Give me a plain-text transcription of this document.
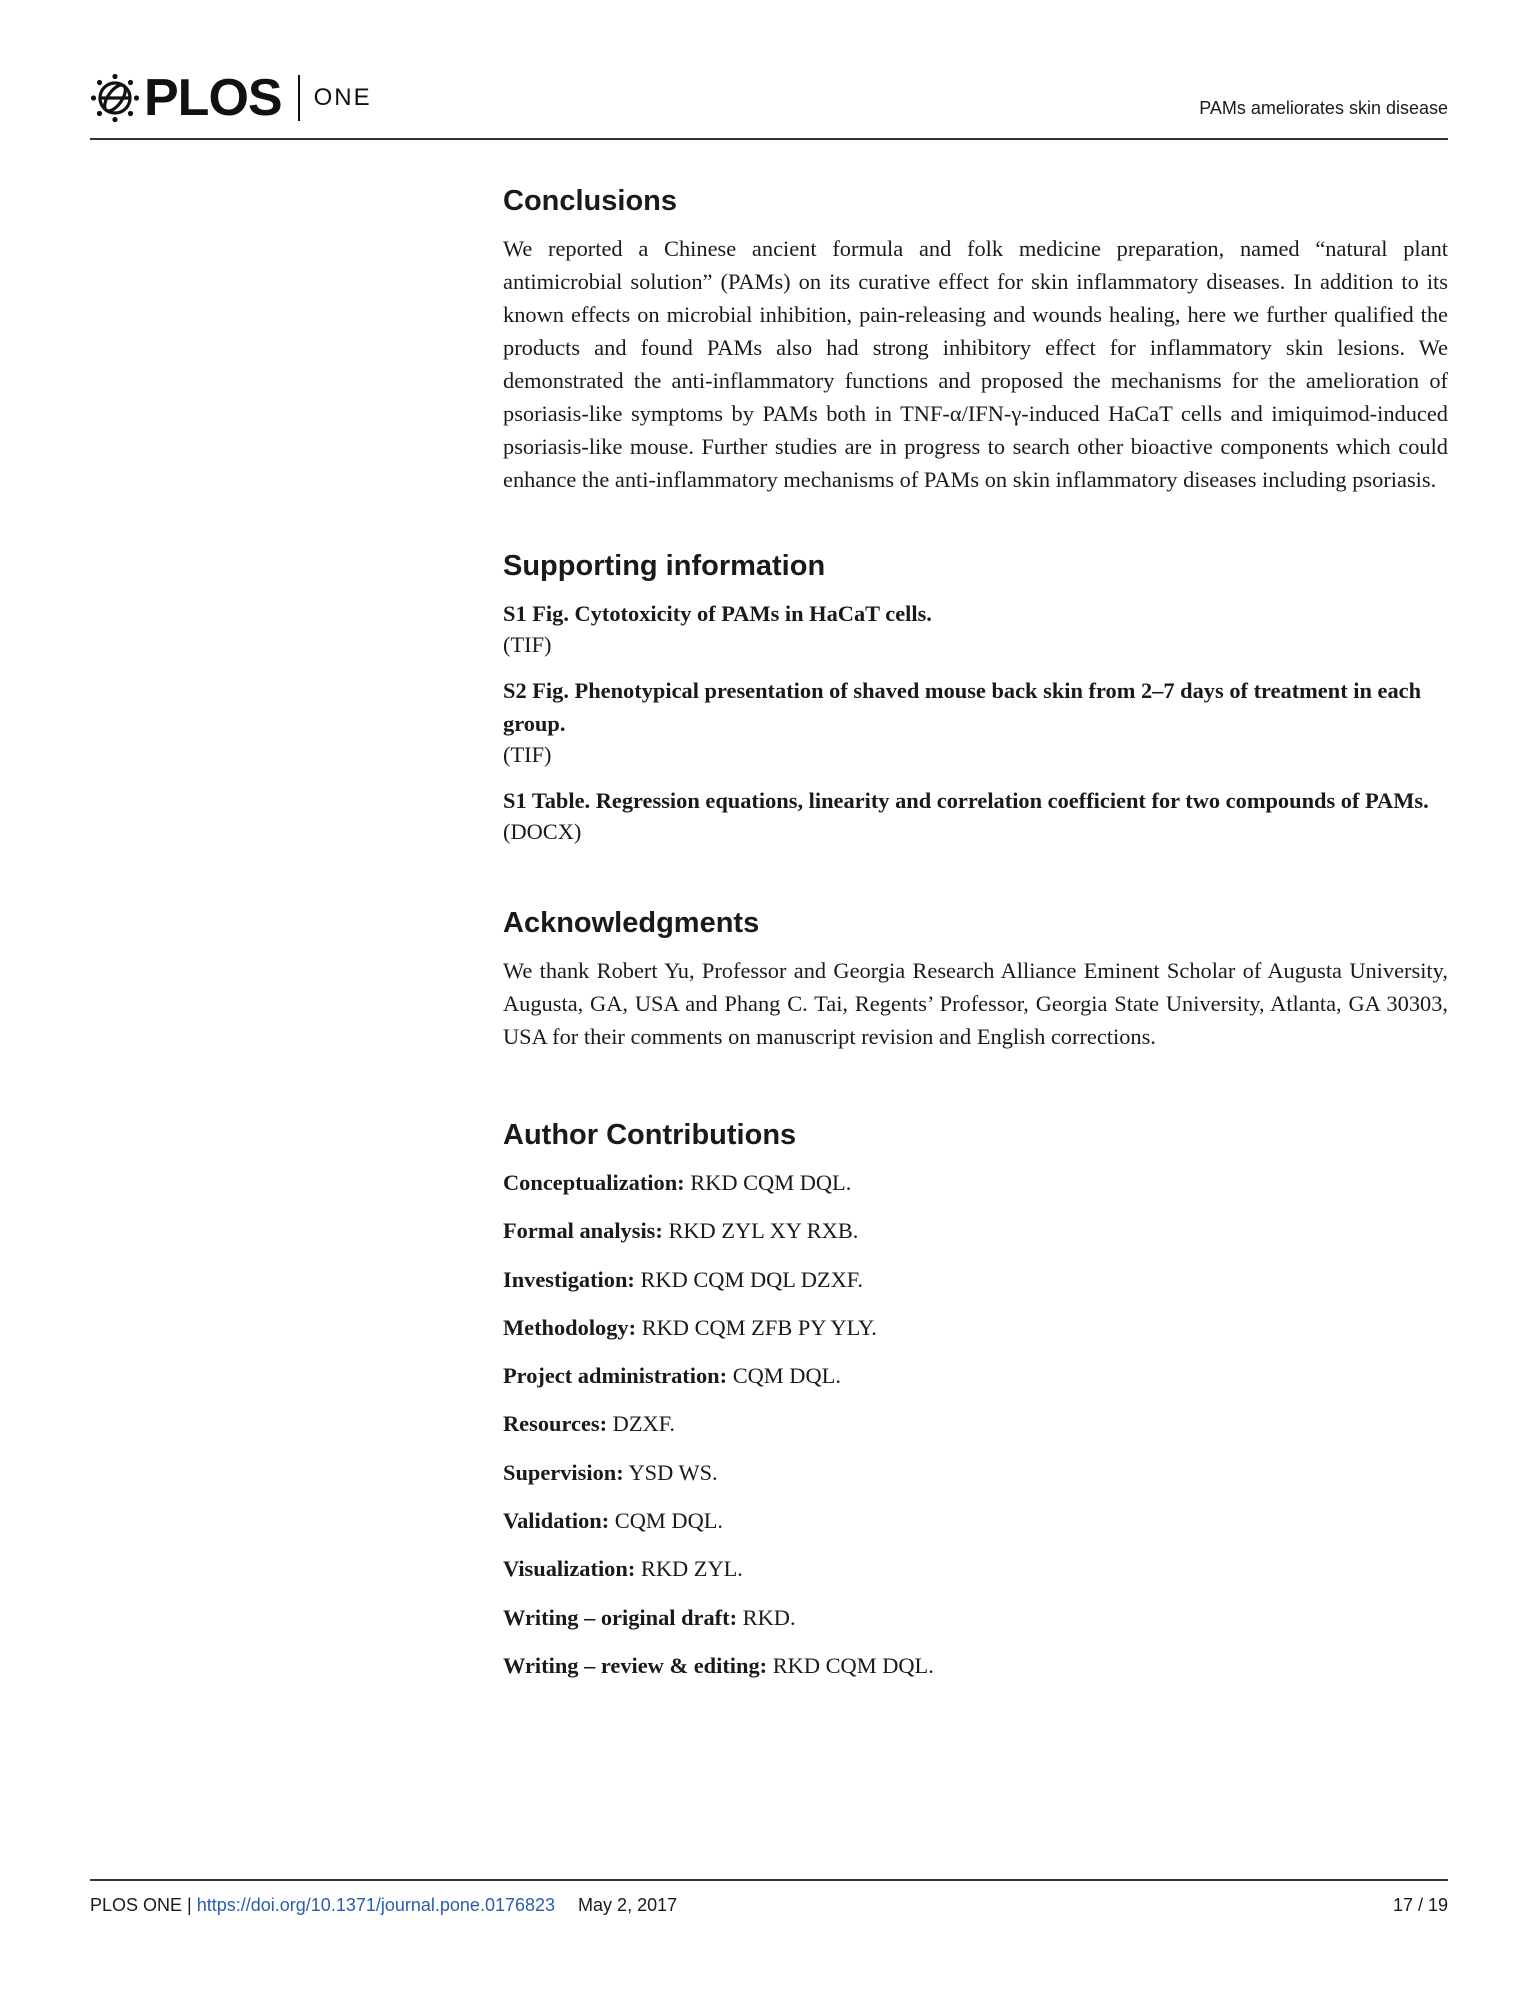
PLOS ONE	PAMs ameliorates skin disease
Conclusions

We reported a Chinese ancient formula and folk medicine preparation, named “natural plant antimicrobial solution” (PAMs) on its curative effect for skin inflammatory diseases. In addition to its known effects on microbial inhibition, pain-releasing and wounds healing, here we further qualified the products and found PAMs also had strong inhibitory effect for inflammatory skin lesions. We demonstrated the anti-inflammatory functions and proposed the mechanisms for the amelioration of psoriasis-like symptoms by PAMs both in TNF-α/IFN-γ-induced HaCaT cells and imiquimod-induced psoriasis-like mouse. Further studies are in progress to search other bioactive components which could enhance the anti-inflammatory mechanisms of PAMs on skin inflammatory diseases including psoriasis.

Supporting information

S1 Fig. Cytotoxicity of PAMs in HaCaT cells.

(TIF)

S2 Fig. Phenotypical presentation of shaved mouse back skin from 2–7 days of treatment in each group.

(TIF)

S1 Table. Regression equations, linearity and correlation coefficient for two compounds of PAMs.

(DOCX)

Acknowledgments

We thank Robert Yu, Professor and Georgia Research Alliance Eminent Scholar of Augusta University, Augusta, GA, USA and Phang C. Tai, Regents’ Professor, Georgia State University, Atlanta, GA 30303, USA for their comments on manuscript revision and English corrections.

Author Contributions
Conceptualization: RKD CQM DQL.
Formal analysis: RKD ZYL XY RXB.
Investigation: RKD CQM DQL DZXF.
Methodology: RKD CQM ZFB PY YLY.
Project administration: CQM DQL.
Resources: DZXF.
Supervision: YSD WS.
Validation: CQM DQL.
Visualization: RKD ZYL.
Writing – original draft: RKD.
Writing – review & editing: RKD CQM DQL.
PLOS ONE | https://doi.org/10.1371/journal.pone.0176823 May 2, 2017	17 / 19
